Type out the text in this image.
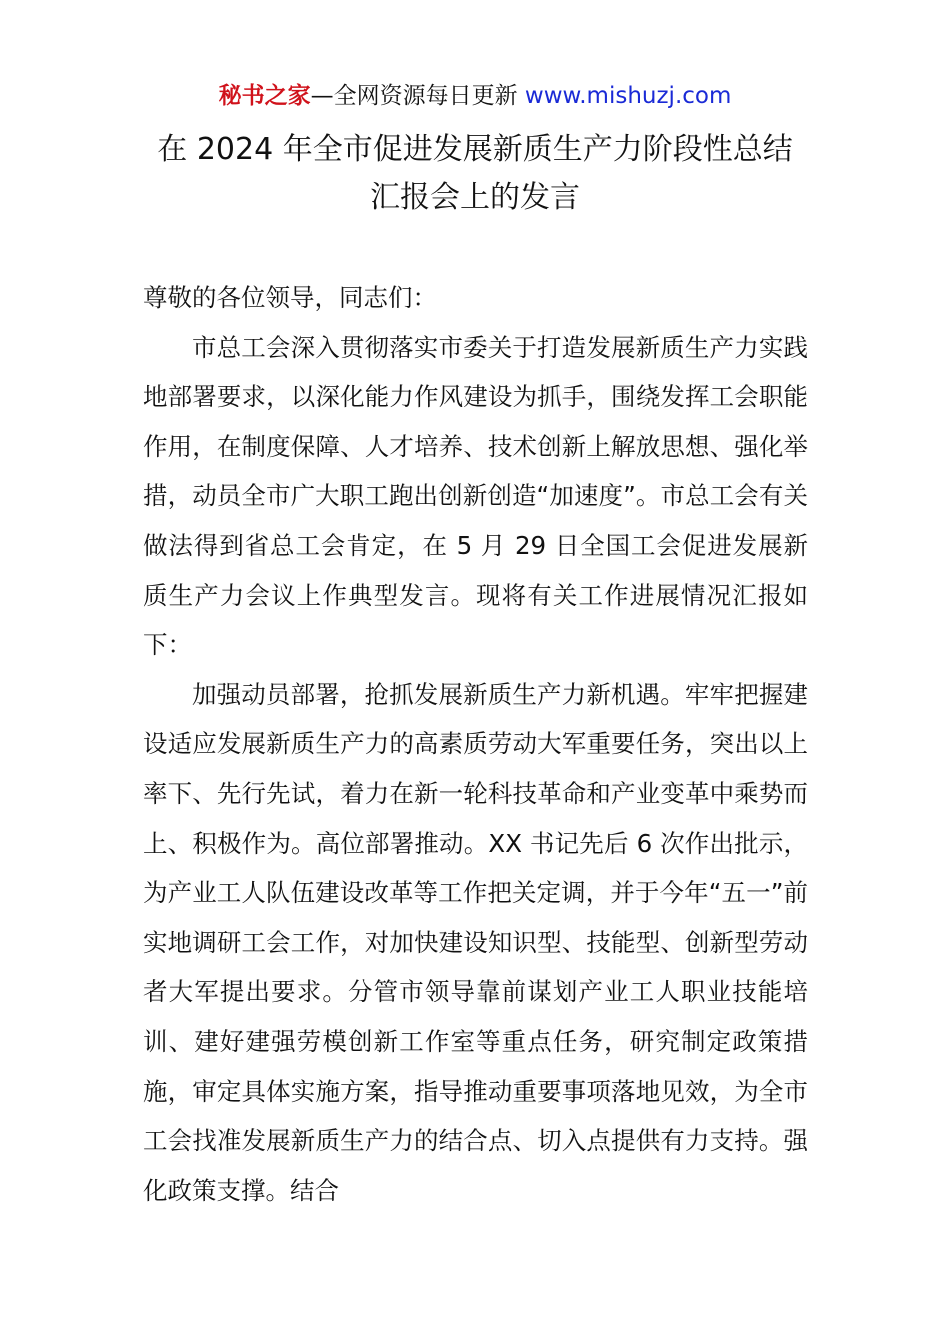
秘书之家—全网资源每日更新 www.mishuzj.com
在 2024 年全市促进发展新质生产力阶段性总结
汇报会上的发言

尊敬的各位领导，同志们：

市总工会深入贯彻落实市委关于打造发展新质生产力实践地部署要求，以深化能力作风建设为抓手，围绕发挥工会职能作用，在制度保障、人才培养、技术创新上解放思想、强化举措，动员全市广大职工跑出创新创造“加速度”。市总工会有关做法得到省总工会肯定，在 5 月 29 日全国工会促进发展新质生产力会议上作典型发言。现将有关工作进展情况汇报如下：

加强动员部署，抢抓发展新质生产力新机遇。牢牢把握建设适应发展新质生产力的高素质劳动大军重要任务，突出以上率下、先行先试，着力在新一轮科技革命和产业变革中乘势而上、积极作为。高位部署推动。XX 书记先后 6 次作出批示，为产业工人队伍建设改革等工作把关定调，并于今年“五一”前实地调研工会工作，对加快建设知识型、技能型、创新型劳动者大军提出要求。分管市领导靠前谋划产业工人职业技能培训、建好建强劳模创新工作室等重点任务，研究制定政策措施，审定具体实施方案，指导推动重要事项落地见效，为全市工会找准发展新质生产力的结合点、切入点提供有力支持。强化政策支撑。结合
